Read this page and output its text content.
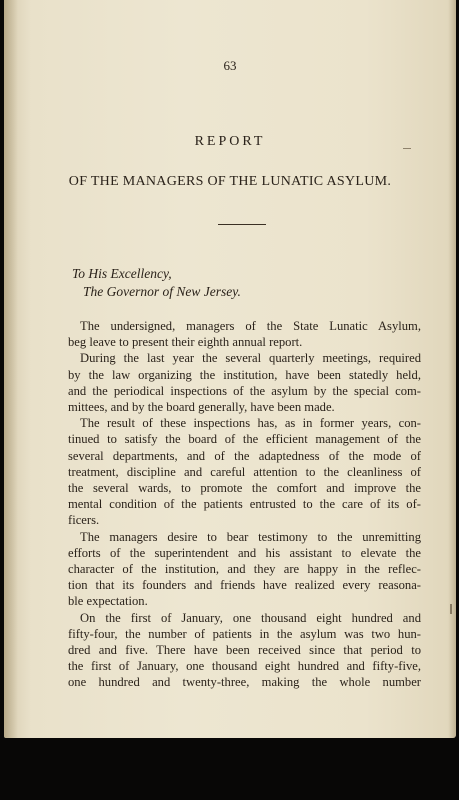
63

REPORT

OF THE MANAGERS OF THE LUNATIC ASYLUM.

To His Excellency,

The Governor of New Jersey.

The undersigned, managers of the State Lunatic Asylum,

beg leave to present their eighth annual report.

During the last year the several quarterly meetings, required

by the law organizing the institution, have been statedly held,

and the periodical inspections of the asylum by the special com-

mittees, and by the board generally, have been made.

The result of these inspections has, as in former years, con-

tinued to satisfy the board of the efficient management of the

several departments, and of the adaptedness of the mode of

treatment, discipline and careful attention to the cleanliness of

the several wards, to promote the comfort and improve the

mental condition of the patients entrusted to the care of its of-

ficers.

The managers desire to bear testimony to the unremitting

efforts of the superintendent and his assistant to elevate the

character of the institution, and they are happy in the reflec-

tion that its founders and friends have realized every reasona-

ble expectation.

On the first of January, one thousand eight hundred and

fifty-four, the number of patients in the asylum was two hun-

dred and five. There have been received since that period to

the first of January, one thousand eight hundred and fifty-five,

one hundred and twenty-three, making the whole number
